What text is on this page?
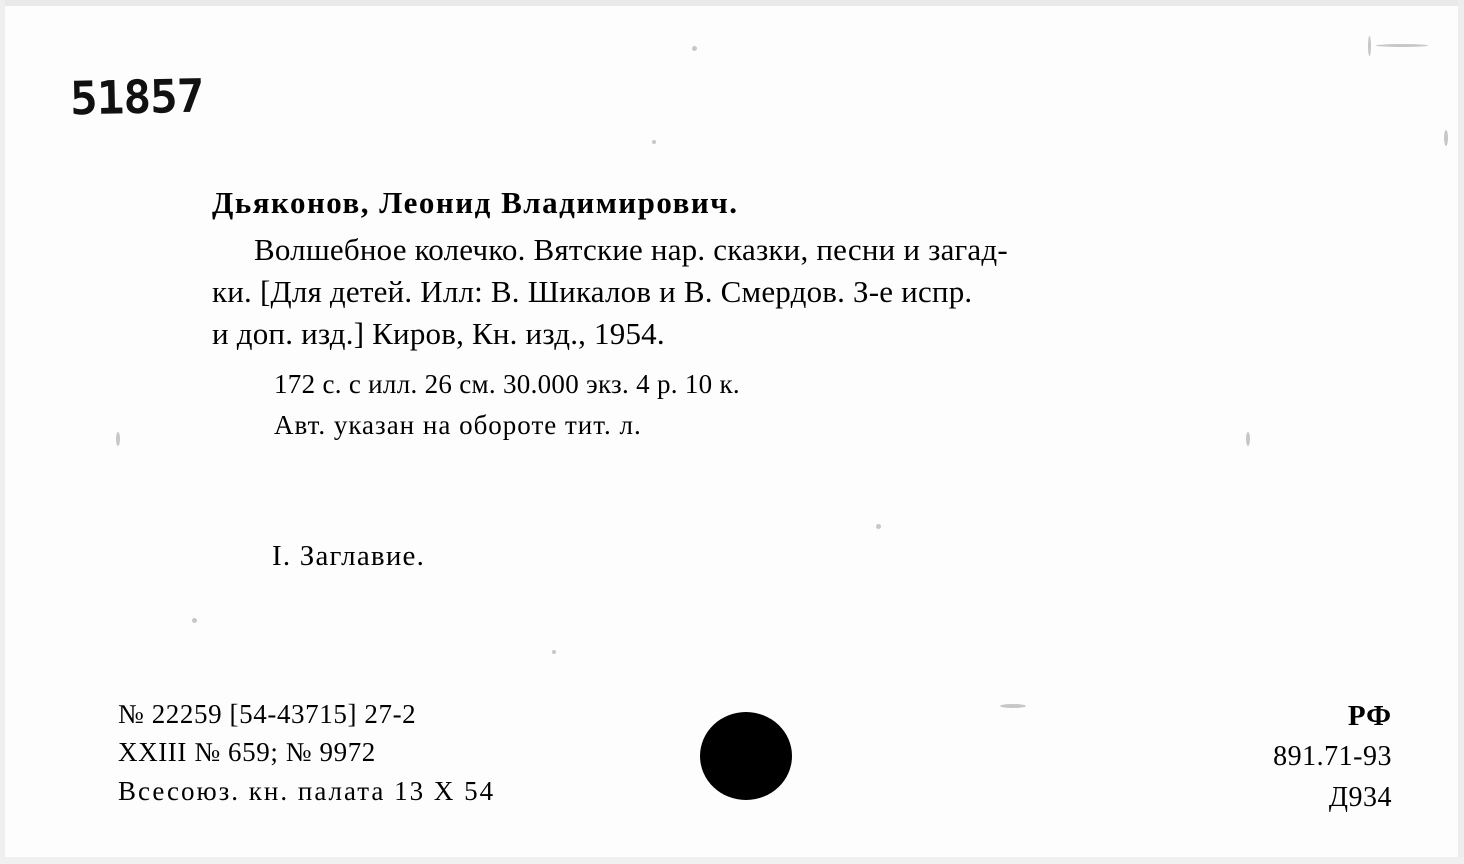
51857

Дьяконов, Леонид Владимирович.

Волшебное колечко. Вятские нар. сказки, песни и загад-
ки. [Для детей. Илл: В. Шикалов и В. Смердов. З-е испр.
и доп. изд.] Киров, Кн. изд., 1954.

172 с. с илл. 26 см. 30.000 экз. 4 р. 10 к.

Авт. указан на обороте тит. л.

I. Заглавие.
№ 22259 [54-43715] 27-2
XXIII № 659; № 9972
Всесоюз. кн. палата 13 X 54
РФ
891.71-93
Д934
